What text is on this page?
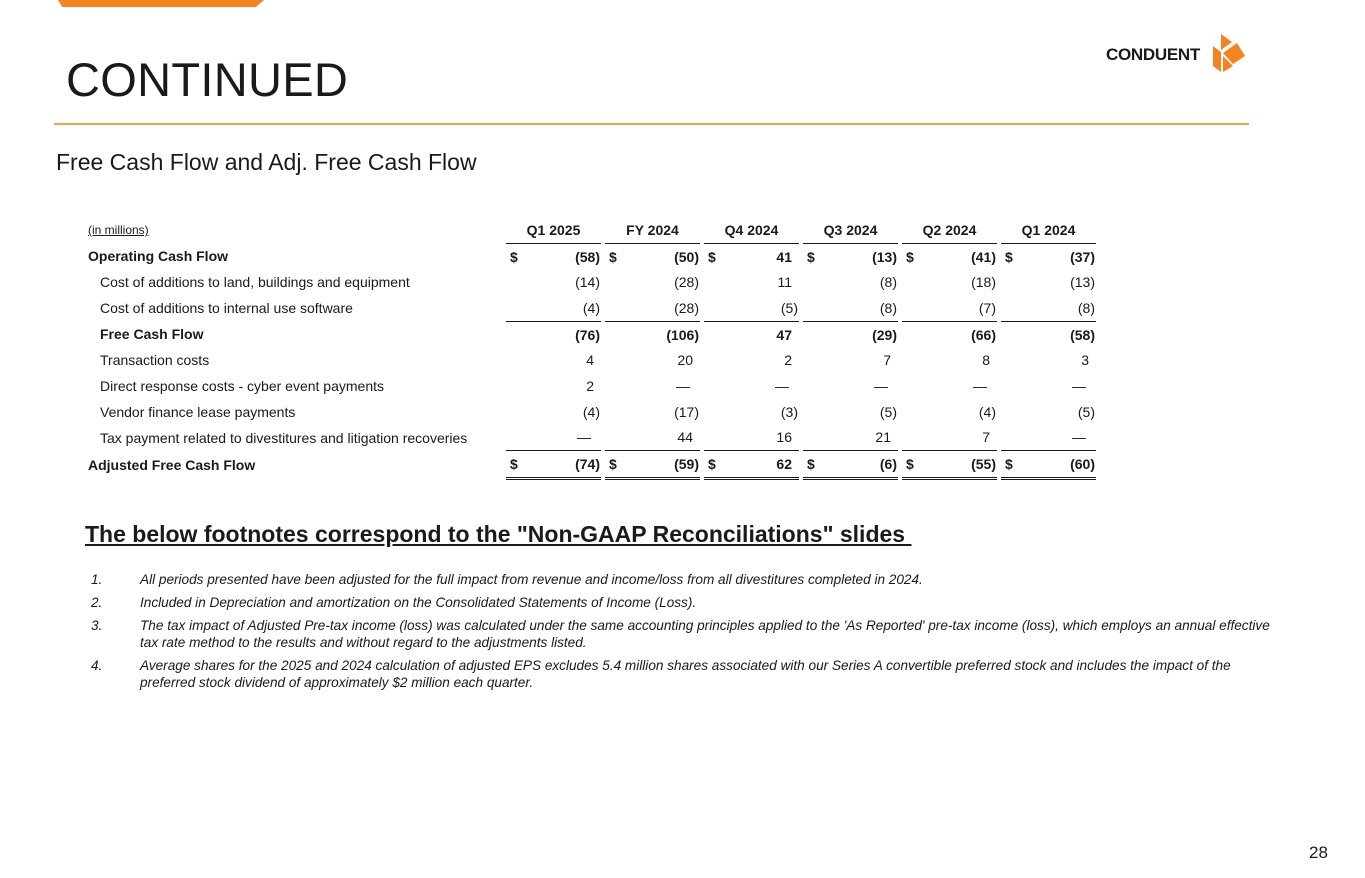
CONTINUED	CONDUENT
Free Cash Flow and Adj. Free Cash Flow
(in millions)	Q1 2025		FY 2024		Q4 2024		Q3 2024		Q2 2024		Q1 2024
Operating Cash Flow	$ (58)		$ (50)		$ 41		$ (13)		$ (41)		$ (37)

Cost of additions to land, buildings and equipment	(14)		(28)		11		(8)		(18)		(13)

Cost of additions to internal use software	(4)		(28)		(5)		(8)		(7)		(8)

Free Cash Flow	(76)		(106)		47		(29)		(66)		(58)

Transaction costs	4		20		2		7		8		3

Direct response costs - cyber event payments	2		—		—		—		—		—

Vendor finance lease payments	(4)		(17)		(3)		(5)		(4)		(5)

Tax payment related to divestitures and litigation recoveries	—		44		16		21		7		—

Adjusted Free Cash Flow	$ (74)		$ (59)		$ 62		$ (6)		$ (55)		$ (60)
The below footnotes correspond to the "Non-GAAP Reconciliations" slides
1.	All periods presented have been adjusted for the full impact from revenue and income/loss from all divestitures completed in 2024.
2.	Included in Depreciation and amortization on the Consolidated Statements of Income (Loss).
3.	The tax impact of Adjusted Pre-tax income (loss) was calculated under the same accounting principles applied to the 'As Reported' pre-tax income (loss), which employs an annual effective tax rate method to the results and without regard to the adjustments listed.
4.	Average shares for the 2025 and 2024 calculation of adjusted EPS excludes 5.4 million shares associated with our Series A convertible preferred stock and includes the impact of the preferred stock dividend of approximately $2 million each quarter.
28
